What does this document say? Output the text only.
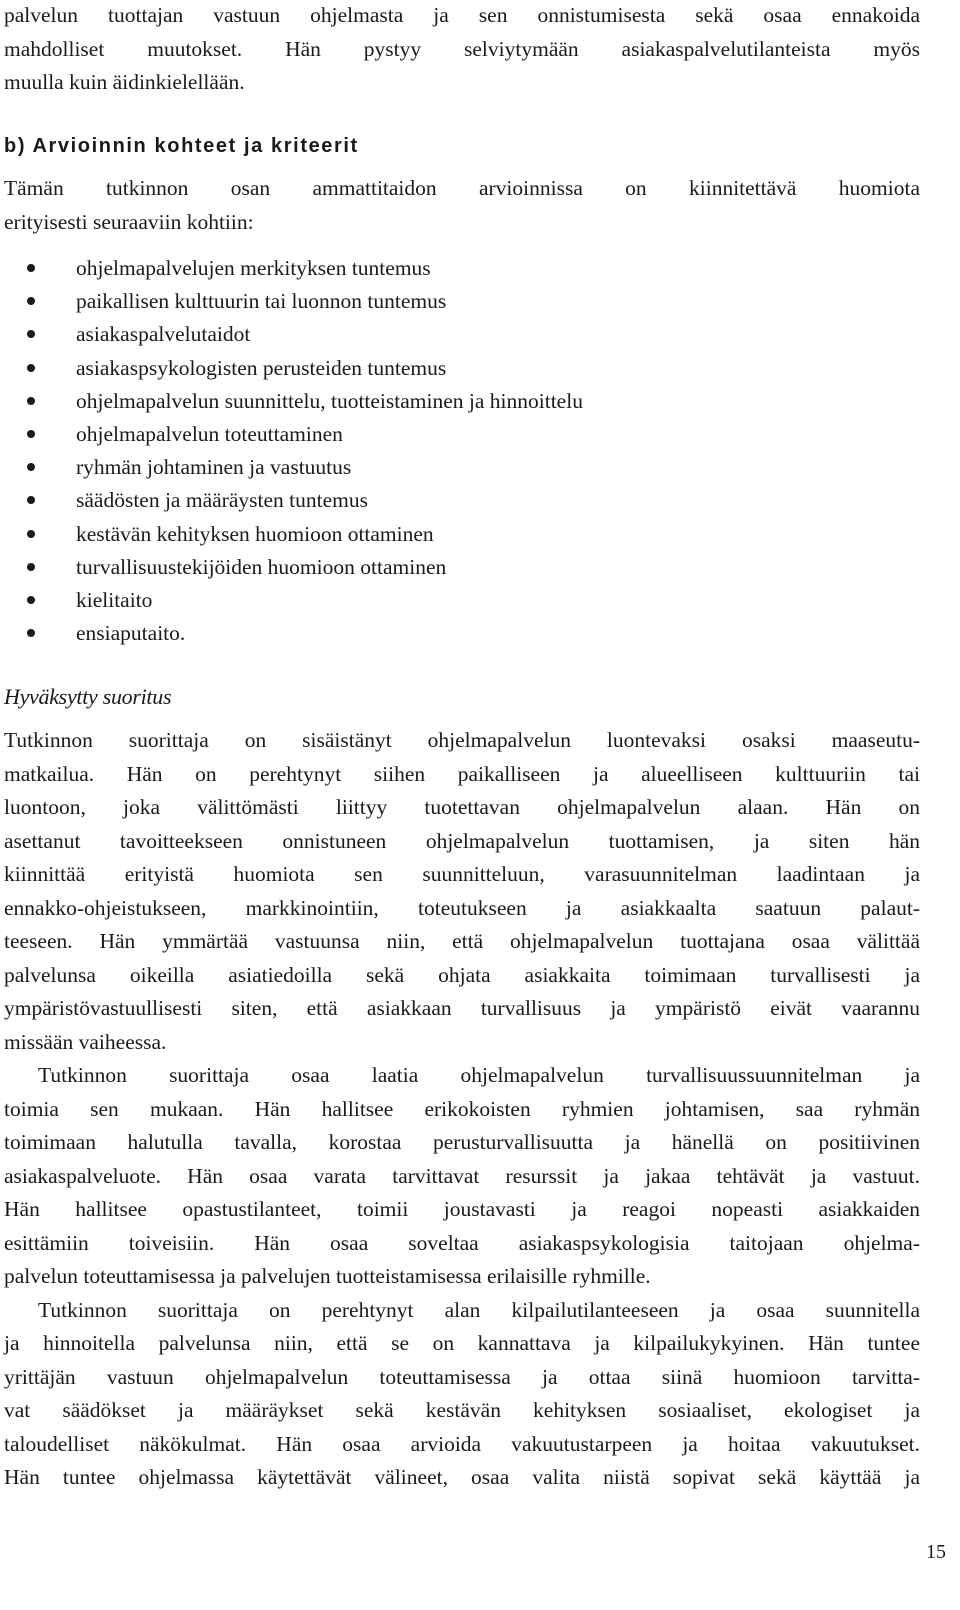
palvelun tuottajan vastuun ohjelmasta ja sen onnistumisesta sekä osaa ennakoida
mahdolliset muutokset. Hän pystyy selviytymään asiakaspalvelutilanteista myös
muulla kuin äidinkielellään.
b) Arvioinnin kohteet ja kriteerit
Tämän tutkinnon osan ammattitaidon arvioinnissa on kiinnitettävä huomiota
erityisesti seuraaviin kohtiin:
ohjelmapalvelujen merkityksen tuntemus
paikallisen kulttuurin tai luonnon tuntemus
asiakaspalvelutaidot
asiakaspsykologisten perusteiden tuntemus
ohjelmapalvelun suunnittelu, tuotteistaminen ja hinnoittelu
ohjelmapalvelun toteuttaminen
ryhmän johtaminen ja vastuutus
säädösten ja määräysten tuntemus
kestävän kehityksen huomioon ottaminen
turvallisuustekijöiden huomioon ottaminen
kielitaito
ensiaputaito.
Hyväksytty suoritus
Tutkinnon suorittaja on sisäistänyt ohjelmapalvelun luontevaksi osaksi maaseutu-
matkailua. Hän on perehtynyt siihen paikalliseen ja alueelliseen kulttuuriin tai
luontoon, joka välittömästi liittyy tuotettavan ohjelmapalvelun alaan. Hän on
asettanut tavoitteekseen onnistuneen ohjelmapalvelun tuottamisen, ja siten hän
kiinnittää erityistä huomiota sen suunnitteluun, varasuunnitelman laadintaan ja
ennakko-ohjeistukseen, markkinointiin, toteutukseen ja asiakkaalta saatuun palaut-
teeseen. Hän ymmärtää vastuunsa niin, että ohjelmapalvelun tuottajana osaa välittää
palvelunsa oikeilla asiatiedoilla sekä ohjata asiakkaita toimimaan turvallisesti ja
ympäristövastuullisesti siten, että asiakkaan turvallisuus ja ympäristö eivät vaarannu
missään vaiheessa.
Tutkinnon suorittaja osaa laatia ohjelmapalvelun turvallisuussuunnitelman ja
toimia sen mukaan. Hän hallitsee erikokoisten ryhmien johtamisen, saa ryhmän
toimimaan halutulla tavalla, korostaa perusturvallisuutta ja hänellä on positiivinen
asiakaspalveluote. Hän osaa varata tarvittavat resurssit ja jakaa tehtävät ja vastuut.
Hän hallitsee opastustilanteet, toimii joustavasti ja reagoi nopeasti asiakkaiden
esittämiin toiveisiin. Hän osaa soveltaa asiakaspsykologisia taitojaan ohjelma-
palvelun toteuttamisessa ja palvelujen tuotteistamisessa erilaisille ryhmille.
Tutkinnon suorittaja on perehtynyt alan kilpailutilanteeseen ja osaa suunnitella
ja hinnoitella palvelunsa niin, että se on kannattava ja kilpailukykyinen. Hän tuntee
yrittäjän vastuun ohjelmapalvelun toteuttamisessa ja ottaa siinä huomioon tarvitta-
vat säädökset ja määräykset sekä kestävän kehityksen sosiaaliset, ekologiset ja
taloudelliset näkökulmat. Hän osaa arvioida vakuutustarpeen ja hoitaa vakuutukset.
Hän tuntee ohjelmassa käytettävät välineet, osaa valita niistä sopivat sekä käyttää ja
15
